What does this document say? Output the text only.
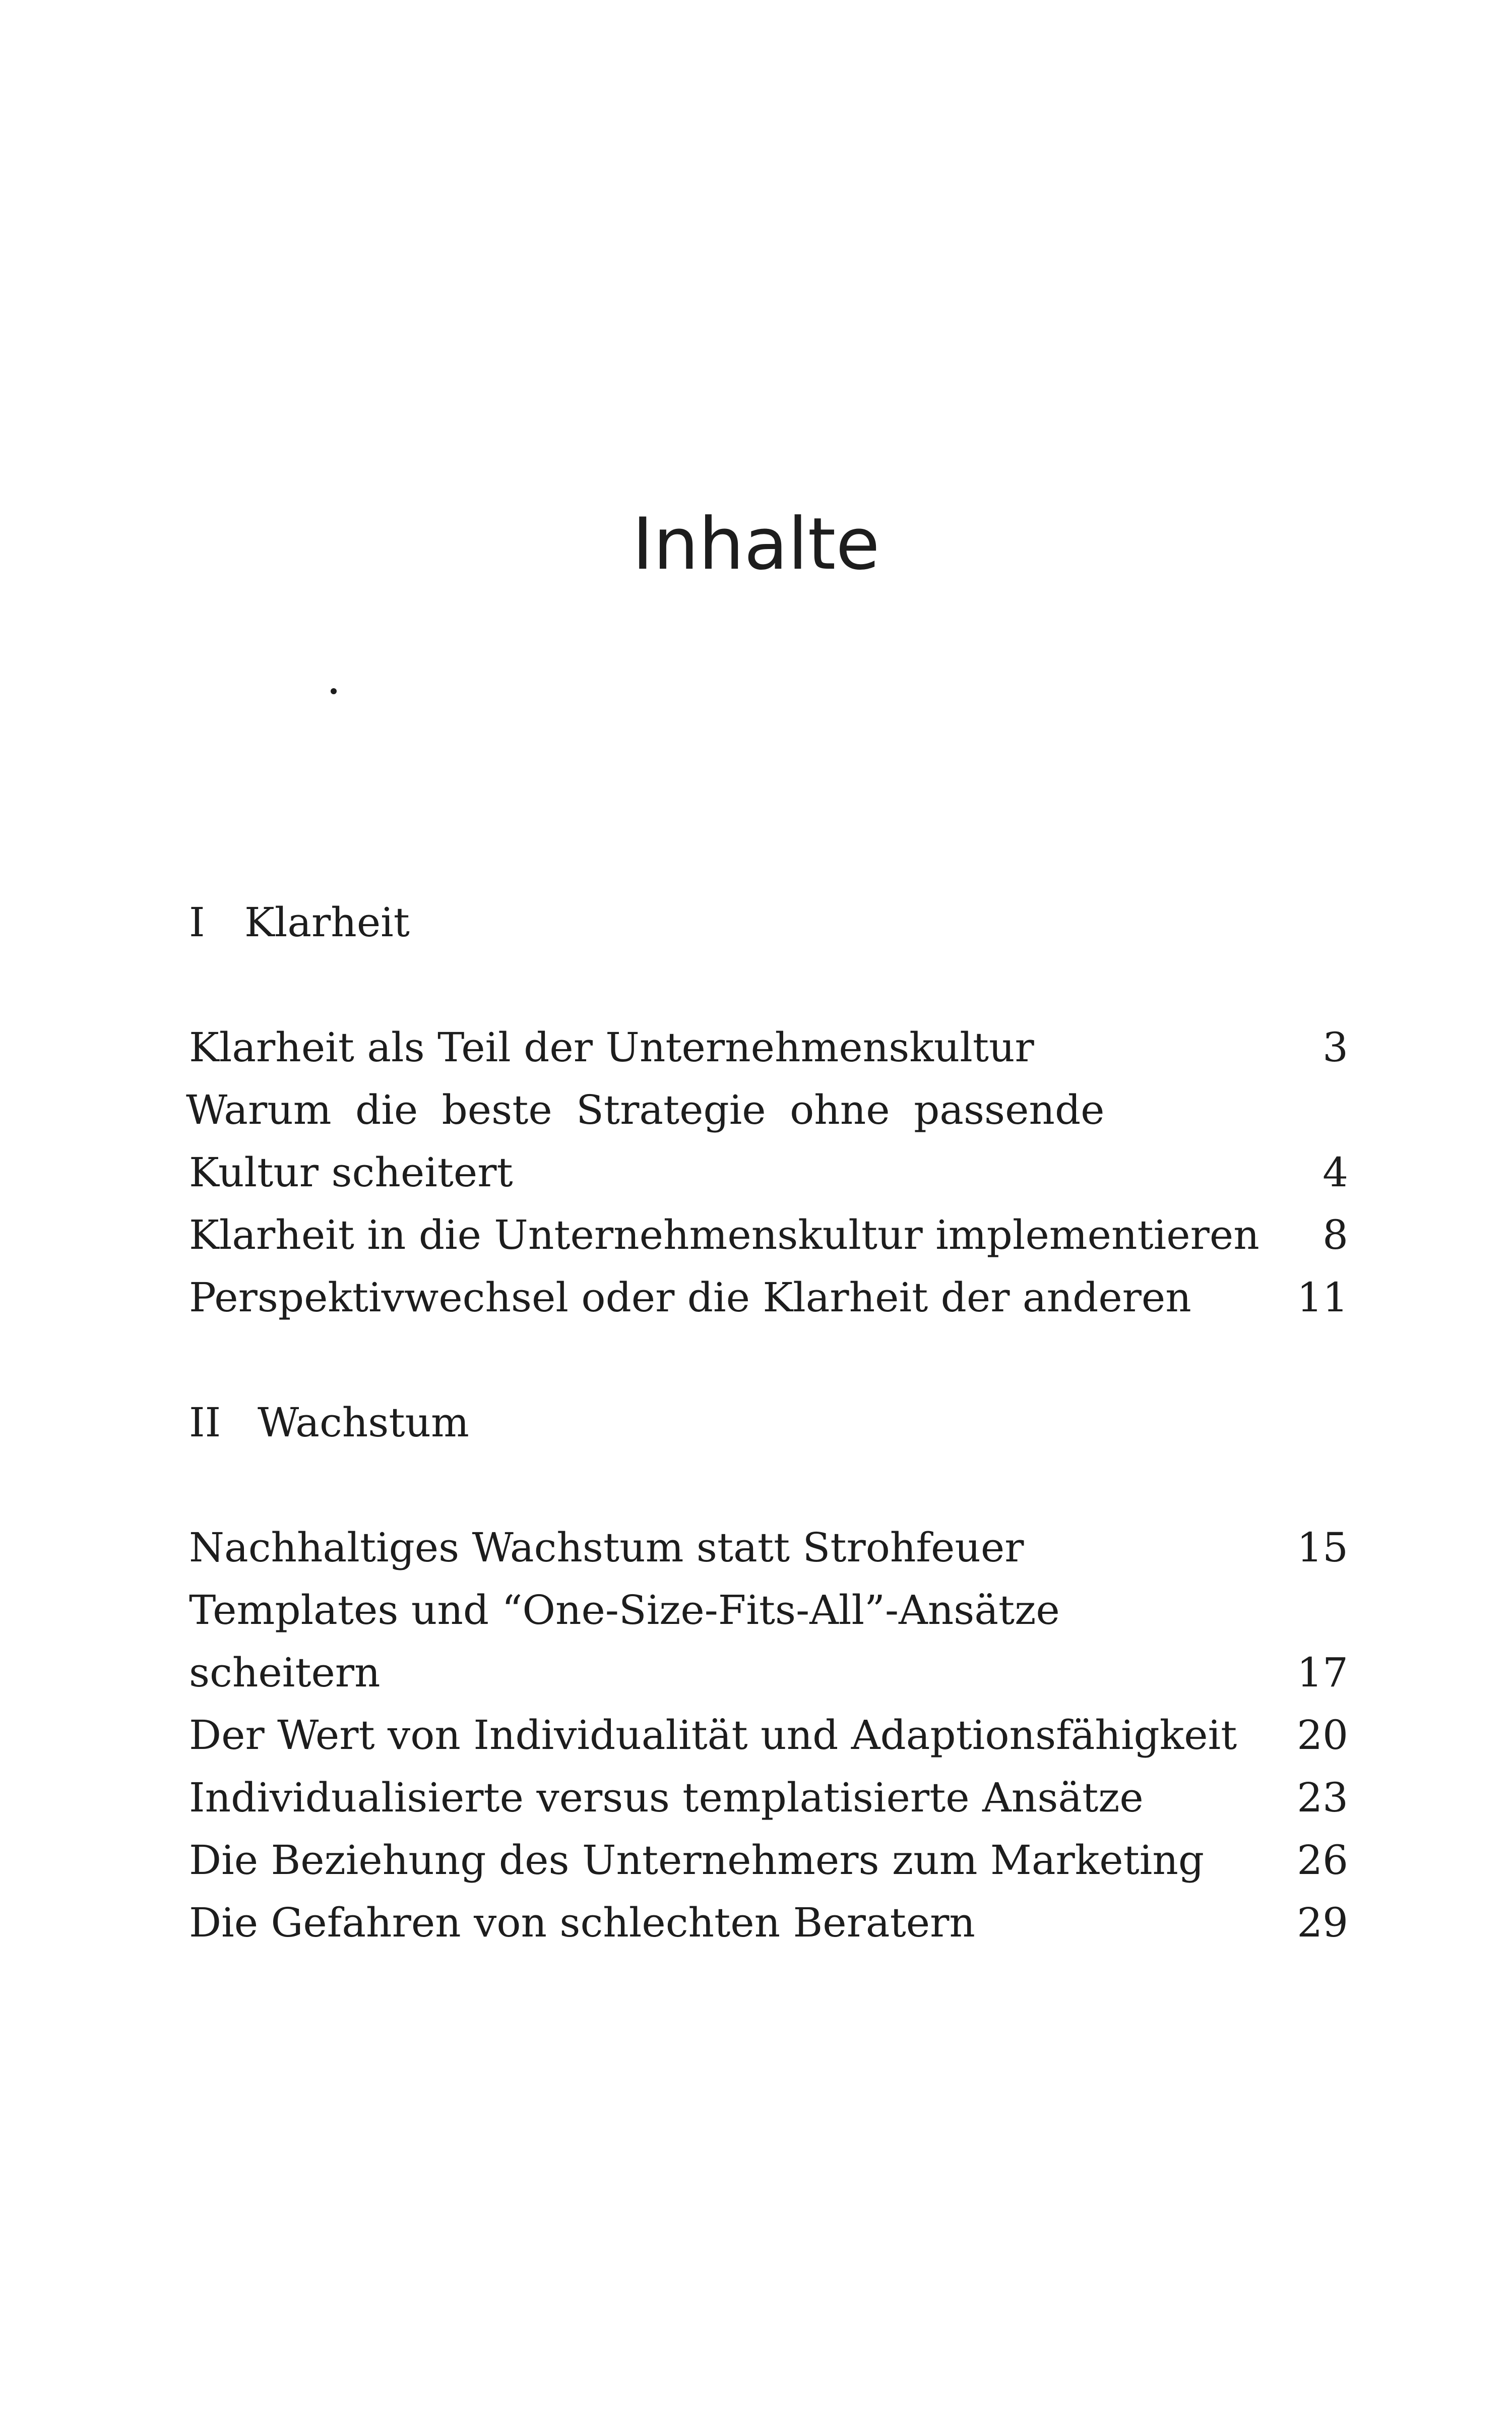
Inhalte
I Klarheit
Klarheit als Teil der Unternehmenskultur	3
Warum die beste Strategie ohne passende
Kultur scheitert	4
Klarheit in die Unternehmenskultur implementieren 8
Perspektivwechsel oder die Klarheit der anderen	11
II Wachstum
Nachhaltiges Wachstum statt Strohfeuer	15
Templates und “One-Size-Fits-All”-Ansätze
scheitern	17
Der Wert von Individualität und Adaptionsfähigkeit 20
Individualisierte versus templatisierte Ansätze	23
Die Beziehung des Unternehmers zum Marketing 26
Die Gefahren von schlechten Beratern	29
